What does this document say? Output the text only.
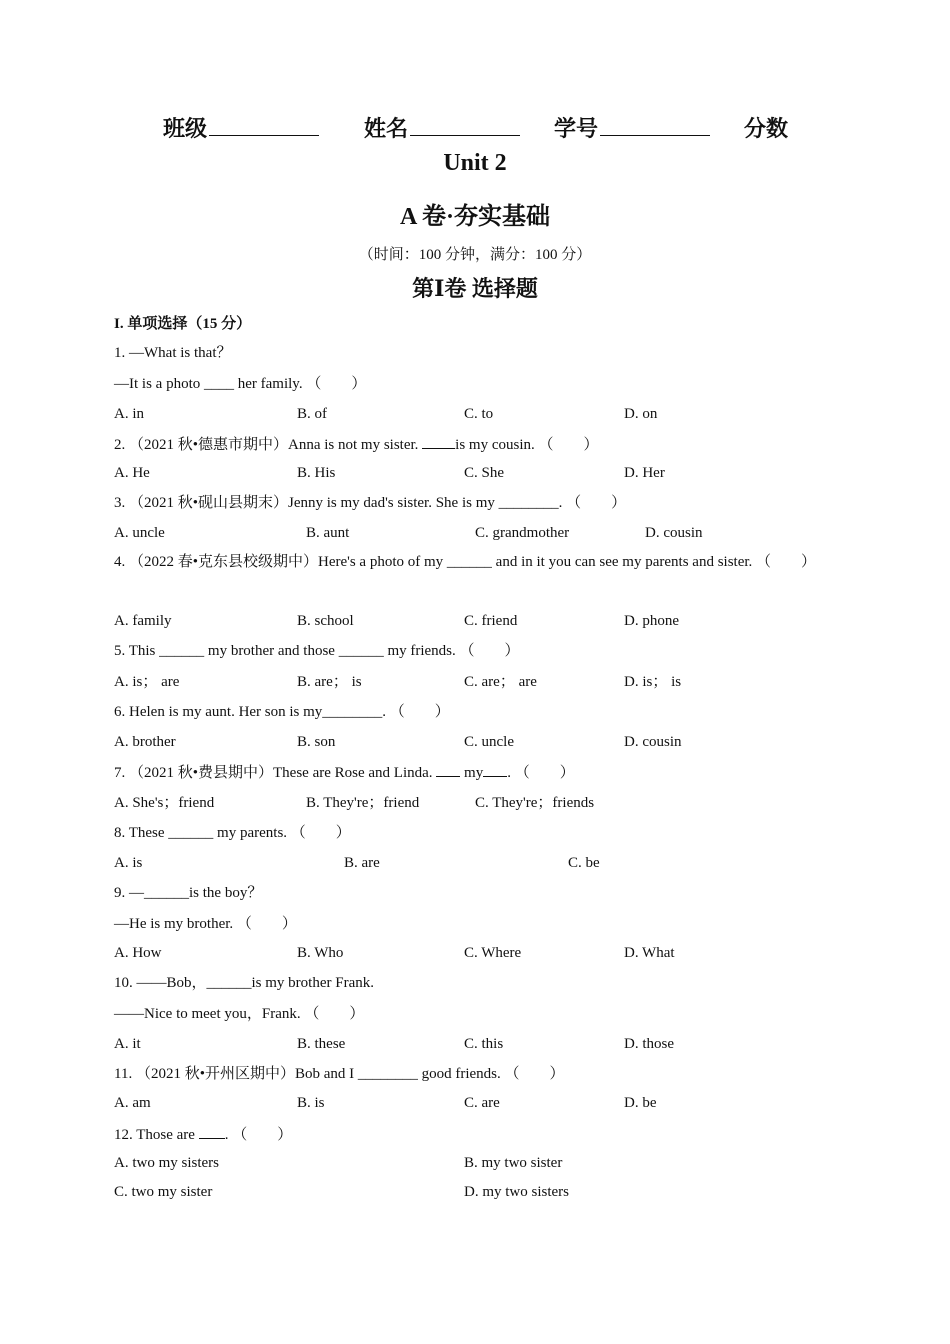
班级	姓名	学号	分数
Unit 2
A 卷·夯实基础
（时间：100 分钟，满分：100 分）
第Ⅰ卷 选择题
I. 单项选择（15 分）
1. —What is that？
—It is a photo ____ her family. （　　）
A. in	B. of	C. to	D. on
2. （2021 秋•德惠市期中）Anna is not my sister. is my cousin. （　　）
A. He	B. His	C. She	D. Her
3. （2021 秋•砚山县期末）Jenny is my dad's sister. She is my ________. （　　）
A. uncle	B. aunt	C. grandmother	D. cousin
4. （2022 春•克东县校级期中）Here's a photo of my ______ and in it you can see my parents and sister. （　　）
A. family	B. school	C. friend	D. phone
5. This ______ my brother and those ______ my friends. （　　）
A. is； are	B. are； is	C. are； are	D. is； is
6. Helen is my aunt. Her son is my________. （　　）
A. brother	B. son	C. uncle	D. cousin
7. （2021 秋•费县期中）These are Rose and Linda.  my . （　　）
A. She's；friend	B. They're；friend	C. They're；friends
8. These ______ my parents. （　　）
A. is	B. are	C. be
9. —______is the boy？
—He is my brother. （　　）
A. How	B. Who	C. Where	D. What
10. ——Bob，______is my brother Frank.
——Nice to meet you，Frank. （　　）
A. it	B. these	C. this	D. those
11. （2021 秋•开州区期中）Bob and I ________ good friends. （　　）
A. am	B. is	C. are	D. be
12. Those are . （　　）
A. two my sisters	B. my two sister
C. two my sister	D. my two sisters
